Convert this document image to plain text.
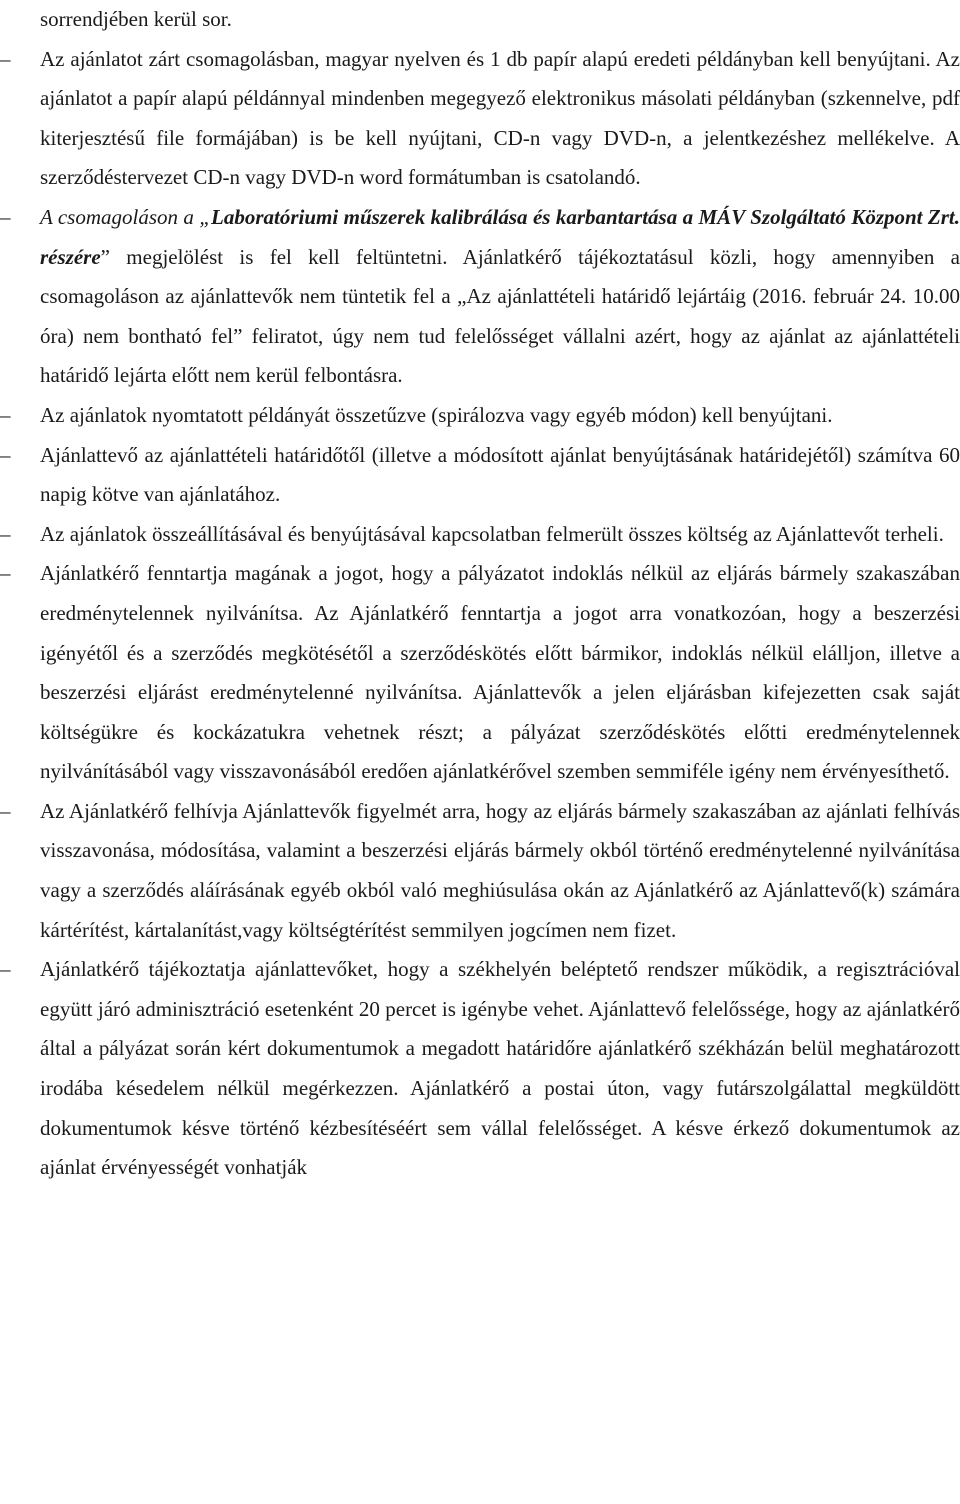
sorrendjében kerül sor.

–	Az ajánlatot zárt csomagolásban, magyar nyelven és 1 db papír alapú eredeti példányban kell benyújtani. Az ajánlatot a papír alapú példánnyal mindenben megegyező elektronikus másolati példányban (szkennelve, pdf kiterjesztésű file formájában) is be kell nyújtani, CD-n vagy DVD-n, a jelentkezéshez mellékelve. A szerződéstervezet CD-n vagy DVD-n word formátumban is csatolandó.
–	A csomagoláson a „Laboratóriumi műszerek kalibrálása és karbantartása a MÁV Szolgáltató Központ Zrt. részére” megjelölést is fel kell feltüntetni. Ajánlatkérő tájékoztatásul közli, hogy amennyiben a csomagoláson az ajánlattevők nem tüntetik fel a „Az ajánlattételi határidő lejártáig (2016. február 24. 10.00 óra) nem bontható fel” feliratot, úgy nem tud felelősséget vállalni azért, hogy az ajánlat az ajánlattételi határidő lejárta előtt nem kerül felbontásra.
–	Az ajánlatok nyomtatott példányát összetűzve (spirálozva vagy egyéb módon) kell benyújtani.
–	Ajánlattevő az ajánlattételi határidőtől (illetve a módosított ajánlat benyújtásának határidejétől) számítva 60 napig kötve van ajánlatához.
–	Az ajánlatok összeállításával és benyújtásával kapcsolatban felmerült összes költség az Ajánlattevőt terheli.
–	Ajánlatkérő fenntartja magának a jogot, hogy a pályázatot indoklás nélkül az eljárás bármely szakaszában eredménytelennek nyilvánítsa. Az Ajánlatkérő fenntartja a jogot arra vonatkozóan, hogy a beszerzési igényétől és a szerződés megkötésétől a szerződéskötés előtt bármikor, indoklás nélkül elálljon, illetve a beszerzési eljárást eredménytelenné nyilvánítsa. Ajánlattevők a jelen eljárásban kifejezetten csak saját költségükre és kockázatukra vehetnek részt; a pályázat szerződéskötés előtti eredménytelennek nyilvánításából vagy visszavonásából eredően ajánlatkérővel szemben semmiféle igény nem érvényesíthető.
–	Az Ajánlatkérő felhívja Ajánlattevők figyelmét arra, hogy az eljárás bármely szakaszában az ajánlati felhívás visszavonása, módosítása, valamint a beszerzési eljárás bármely okból történő eredménytelenné nyilvánítása vagy a szerződés aláírásának egyéb okból való meghiúsulása okán az Ajánlatkérő az Ajánlattevő(k) számára kártérítést, kártalanítást,vagy költségtérítést semmilyen jogcímen nem fizet.
–	Ajánlatkérő tájékoztatja ajánlattevőket, hogy a székhelyén beléptető rendszer működik, a regisztrációval együtt járó adminisztráció esetenként 20 percet is igénybe vehet. Ajánlattevő felelőssége, hogy az ajánlatkérő által a pályázat során kért dokumentumok a megadott határidőre ajánlatkérő székházán belül meghatározott irodába késedelem nélkül megérkezzen. Ajánlatkérő a postai úton, vagy futárszolgálattal megküldött dokumentumok késve történő kézbesítéséért sem vállal felelősséget. A késve érkező dokumentumok az ajánlat érvényességét vonhatják
